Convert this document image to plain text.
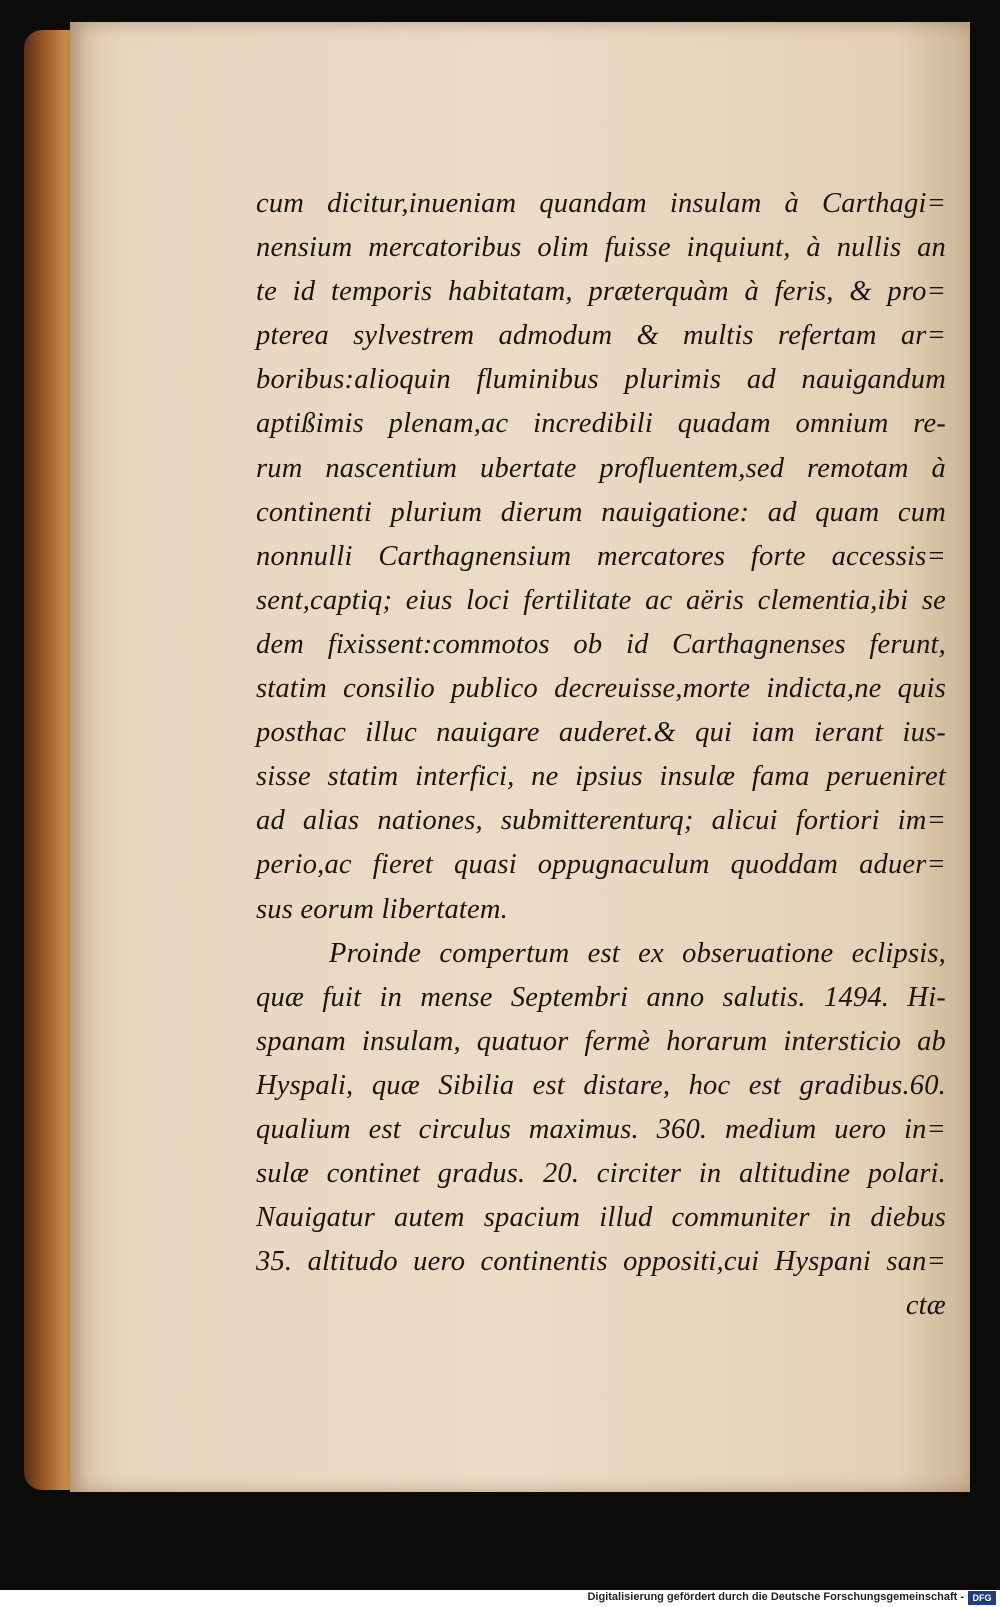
cum dicitur,inueniam quandam insulam à Carthagi=
nensium mercatoribus olim fuisse inquiunt, à nullis an
te id temporis habitatam, præterquàm à feris, & pro=
pterea sylvestrem admodum & multis refertam ar=
boribus:alioquin fluminibus plurimis ad nauigandum
aptißimis plenam,ac incredibili quadam omnium re-
rum nascentium ubertate profluentem,sed remotam à
continenti plurium dierum nauigatione: ad quam cum
nonnulli Carthagnensium mercatores forte accessis=
sent,captiq; eius loci fertilitate ac aëris clementia,ibi se
dem fixissent:commotos ob id Carthagnenses ferunt,
statim consilio publico decreuisse,morte indicta,ne quis
posthac illuc nauigare auderet.& qui iam ierant ius-
sisse statim interfici, ne ipsius insulæ fama perueniret
ad alias nationes, submitterenturq; alicui fortiori im=
perio,ac fieret quasi oppugnaculum quoddam aduer=
sus eorum libertatem.
Proinde compertum est ex obseruatione eclipsis,
quæ fuit in mense Septembri anno salutis. 1494. Hi-
spanam insulam, quatuor fermè horarum intersticio ab
Hyspali, quæ Sibilia est distare, hoc est gradibus.60.
qualium est circulus maximus. 360. medium uero in=
sulæ continet gradus. 20. circiter in altitudine polari.
Nauigatur autem spacium illud communiter in diebus
35. altitudo uero continentis oppositi,cui Hyspani san=
ctæ
Digitalisierung gefördert durch die Deutsche Forschungsgemeinschaft - DFG
